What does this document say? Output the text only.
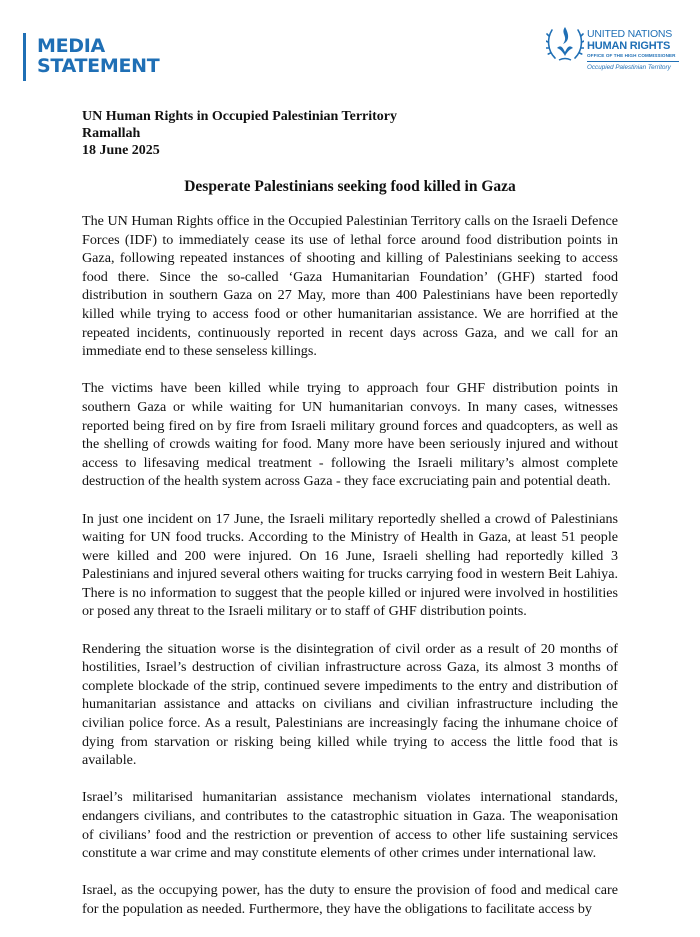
MEDIA
STATEMENT
UNITED NATIONS
HUMAN RIGHTS
OFFICE OF THE HIGH COMMISSIONER
Occupied Palestinian Territory
UN Human Rights in Occupied Palestinian Territory
Ramallah
18 June 2025
Desperate Palestinians seeking food killed in Gaza

The UN Human Rights office in the Occupied Palestinian Territory calls on the Israeli Defence Forces (IDF) to immediately cease its use of lethal force around food distribution points in Gaza, following repeated instances of shooting and killing of Palestinians seeking to access food there. Since the so-called ‘Gaza Humanitarian Foundation’ (GHF) started food distribution in southern Gaza on 27 May, more than 400 Palestinians have been reportedly killed while trying to access food or other humanitarian assistance. We are horrified at the repeated incidents, continuously reported in recent days across Gaza, and we call for an immediate end to these senseless killings.

The victims have been killed while trying to approach four GHF distribution points in southern Gaza or while waiting for UN humanitarian convoys. In many cases, witnesses reported being fired on by fire from Israeli military ground forces and quadcopters, as well as the shelling of crowds waiting for food. Many more have been seriously injured and without access to lifesaving medical treatment - following the Israeli military’s almost complete destruction of the health system across Gaza - they face excruciating pain and potential death.

In just one incident on 17 June, the Israeli military reportedly shelled a crowd of Palestinians waiting for UN food trucks. According to the Ministry of Health in Gaza, at least 51 people were killed and 200 were injured. On 16 June, Israeli shelling had reportedly killed 3 Palestinians and injured several others waiting for trucks carrying food in western Beit Lahiya. There is no information to suggest that the people killed or injured were involved in hostilities or posed any threat to the Israeli military or to staff of GHF distribution points.

Rendering the situation worse is the disintegration of civil order as a result of 20 months of hostilities, Israel’s destruction of civilian infrastructure across Gaza, its almost 3 months of complete blockade of the strip, continued severe impediments to the entry and distribution of humanitarian assistance and attacks on civilians and civilian infrastructure including the civilian police force. As a result, Palestinians are increasingly facing the inhumane choice of dying from starvation or risking being killed while trying to access the little food that is available.

Israel’s militarised humanitarian assistance mechanism violates international standards, endangers civilians, and contributes to the catastrophic situation in Gaza. The weaponisation of civilians’ food and the restriction or prevention of access to other life sustaining services constitute a war crime and may constitute elements of other crimes under international law.

Israel, as the occupying power, has the duty to ensure the provision of food and medical care for the population as needed. Furthermore, they have the obligations to facilitate access by
